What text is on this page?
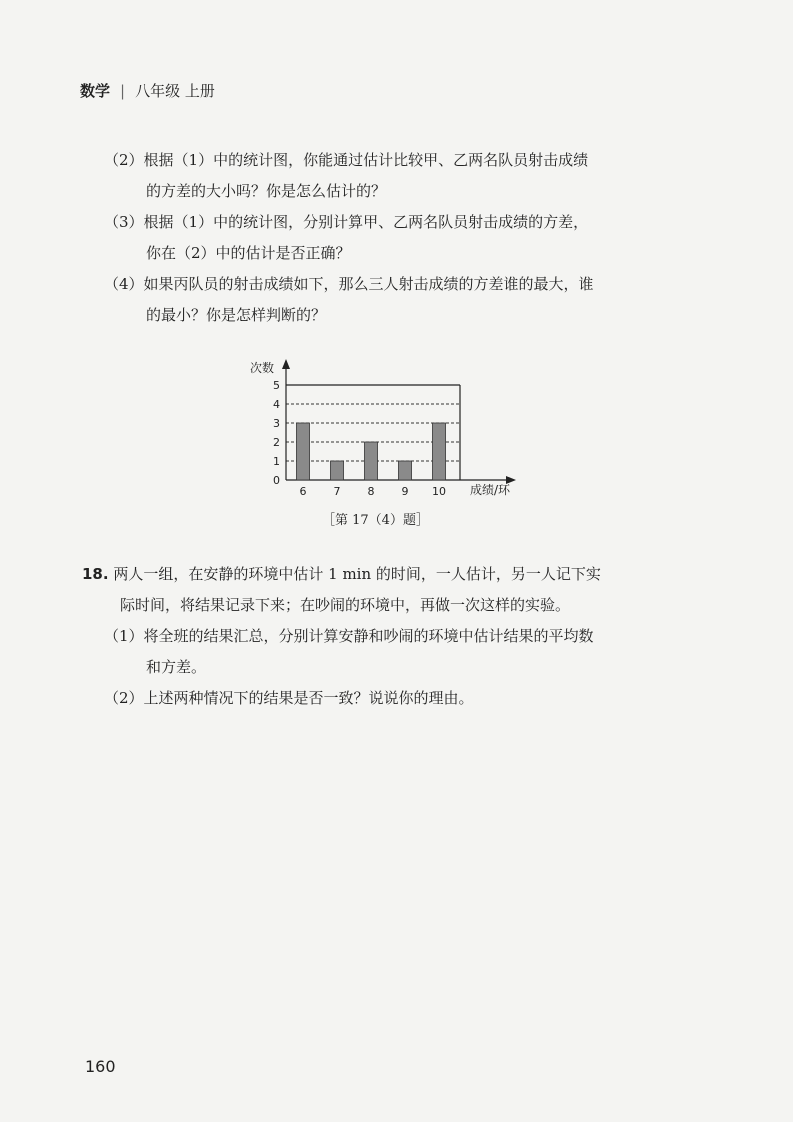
数学 | 八年级 上册
（2）根据（1）中的统计图，你能通过估计比较甲、乙两名队员射击成绩
的方差的大小吗？你是怎么估计的？
（3）根据（1）中的统计图，分别计算甲、乙两名队员射击成绩的方差，
你在（2）中的估计是否正确？
（4）如果丙队员的射击成绩如下，那么三人射击成绩的方差谁的最大，谁
的最小？你是怎样判断的？
次数
成绩/环
0
1
2
3
4
5
6 7 8 9 10
［第 17（4）题］
18. 两人一组，在安静的环境中估计 1 min 的时间，一人估计，另一人记下实
际时间，将结果记录下来；在吵闹的环境中，再做一次这样的实验。
（1）将全班的结果汇总，分别计算安静和吵闹的环境中估计结果的平均数
和方差。
（2）上述两种情况下的结果是否一致？说说你的理由。
160
